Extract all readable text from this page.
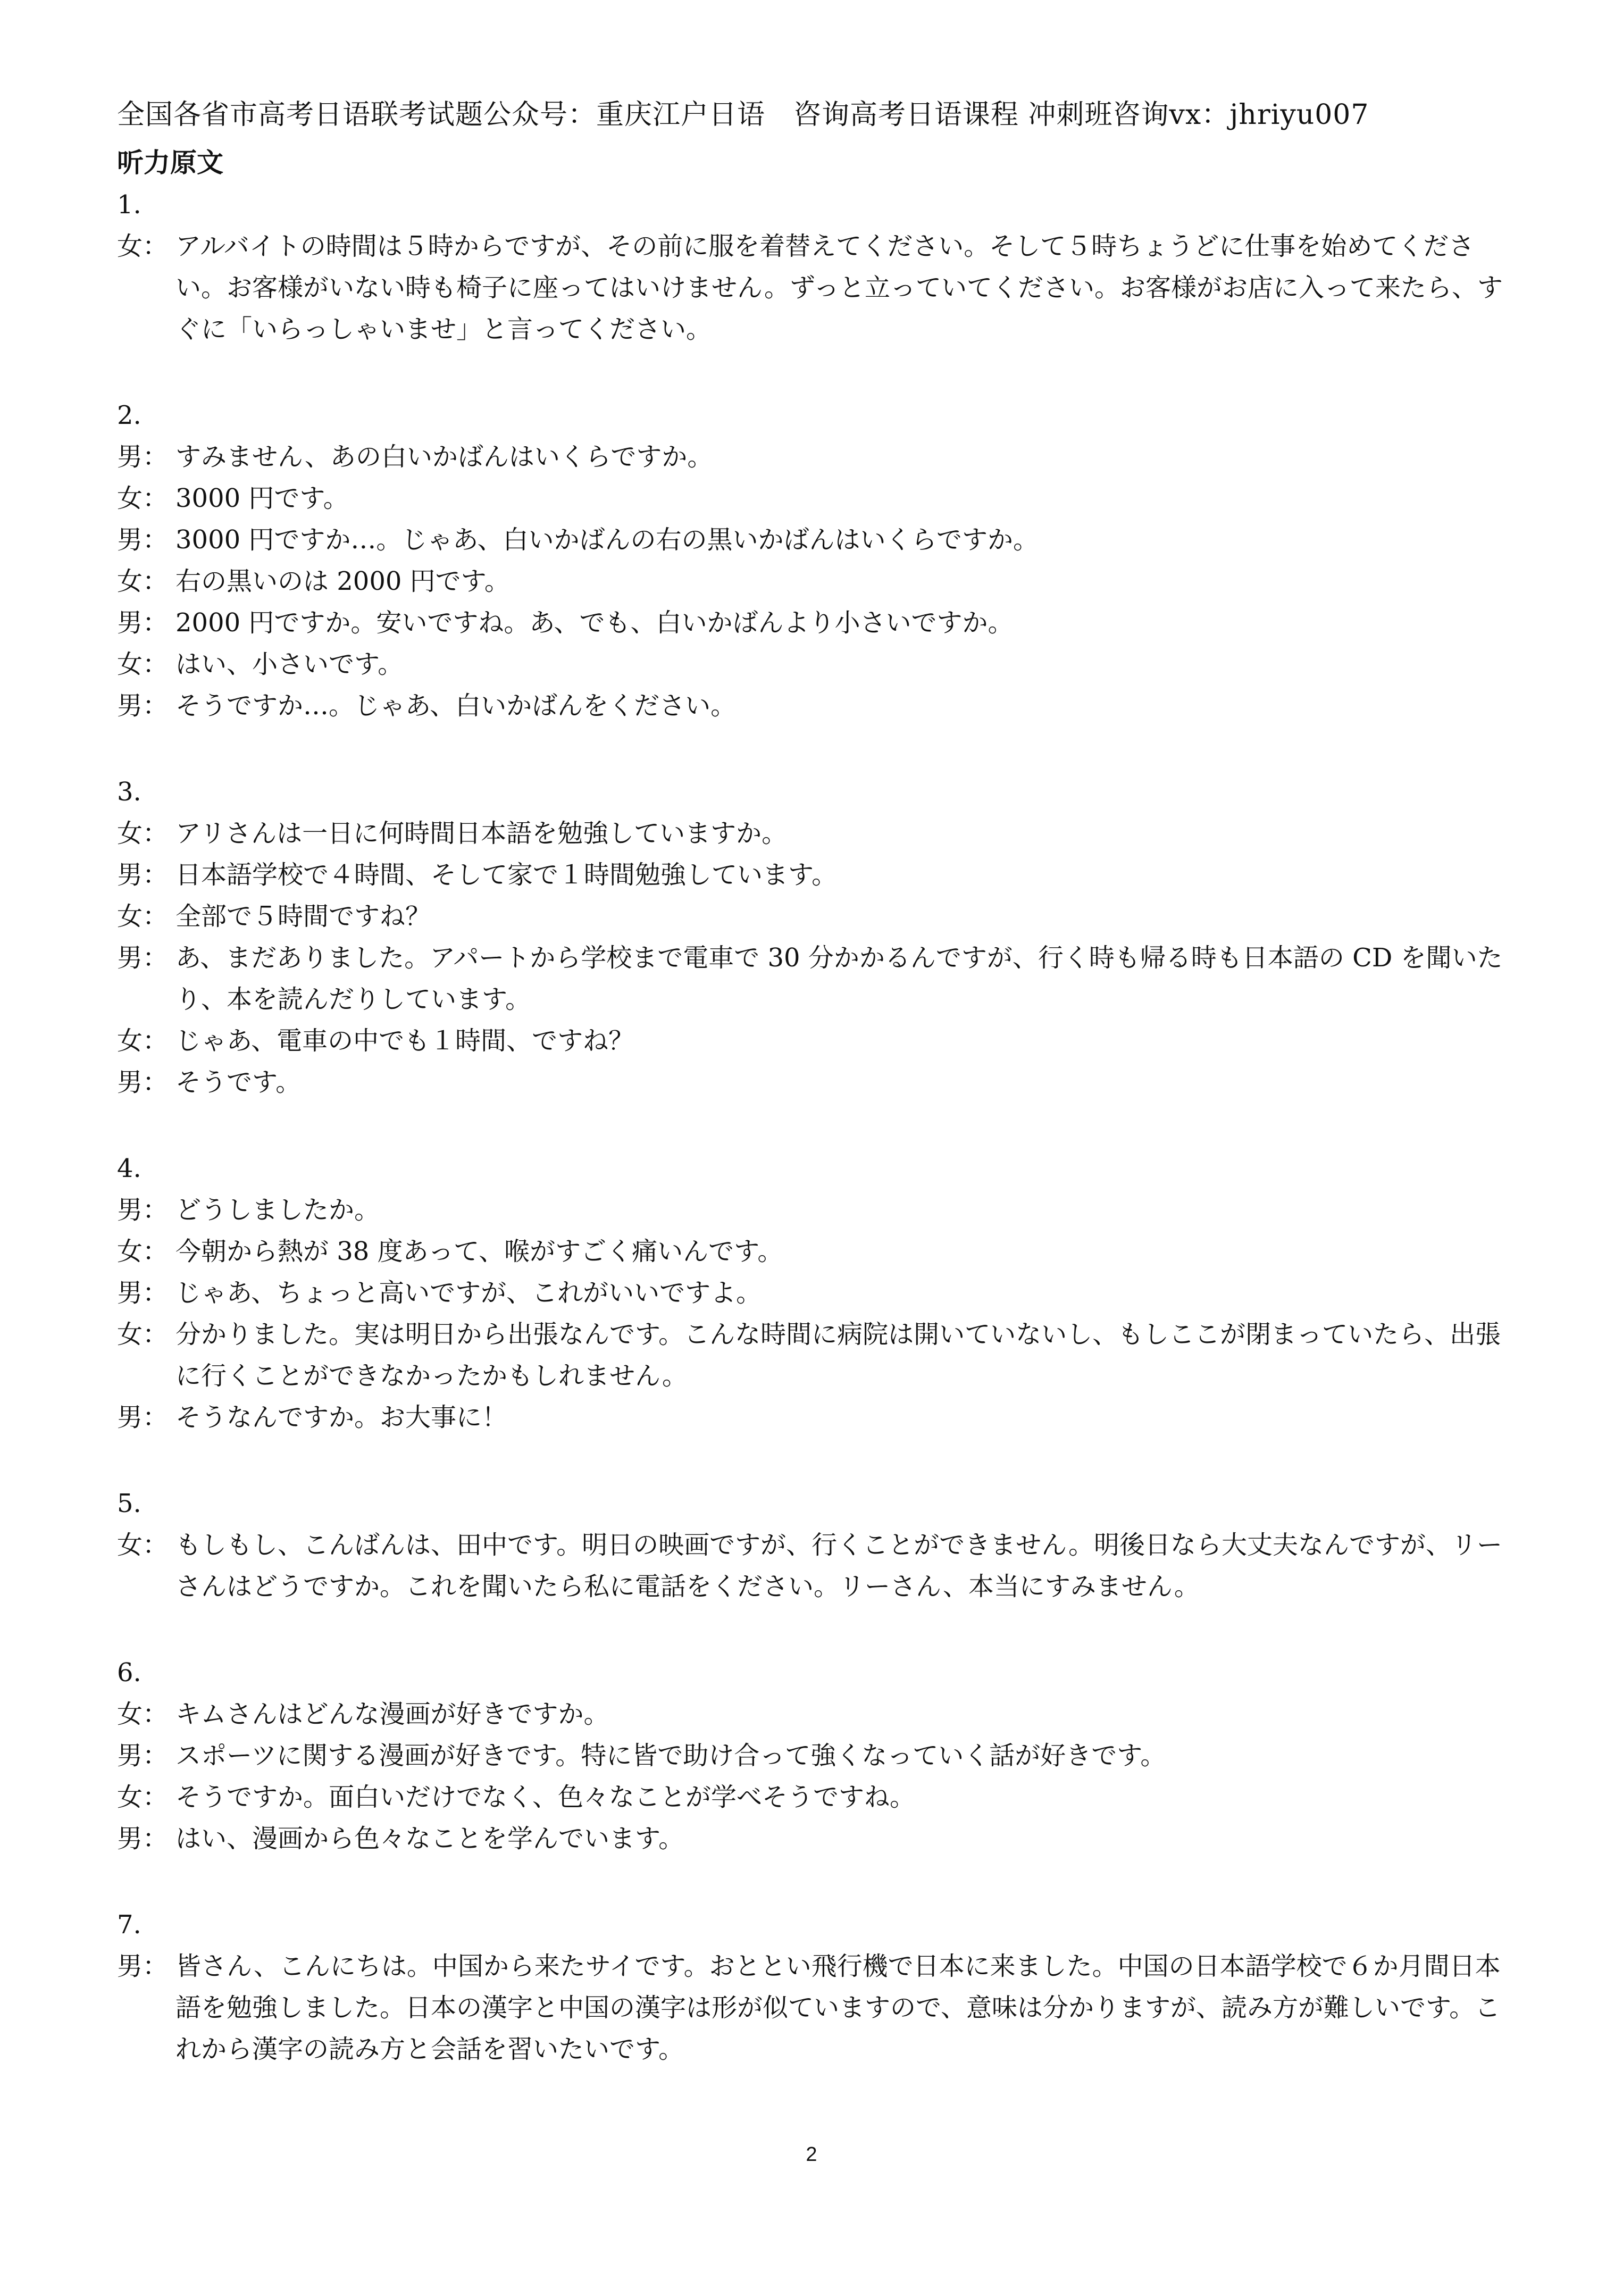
全国各省市高考日语联考试题公众号：重庆江户日语　咨询高考日语课程 冲刺班咨询vx：jhriyu007
听力原文
1.
女： アルバイトの時間は５時からですが、その前に服を着替えてください。そして５時ちょうどに仕事を始めてください。お客様がいない時も椅子に座ってはいけません。ずっと立っていてください。お客様がお店に入って来たら、すぐに「いらっしゃいませ」と言ってください。
2.
男： すみません、あの白いかばんはいくらですか。
女： 3000 円です。
男： 3000 円ですか…。じゃあ、白いかばんの右の黒いかばんはいくらですか。
女： 右の黒いのは 2000 円です。
男： 2000 円ですか。安いですね。あ、でも、白いかばんより小さいですか。
女： はい、小さいです。
男： そうですか…。じゃあ、白いかばんをください。
3.
女： アリさんは一日に何時間日本語を勉強していますか。
男： 日本語学校で４時間、そして家で１時間勉強しています。
女： 全部で５時間ですね？
男： あ、まだありました。アパートから学校まで電車で 30 分かかるんですが、行く時も帰る時も日本語の CD を聞いたり、本を読んだりしています。
女： じゃあ、電車の中でも１時間、ですね？
男： そうです。
4.
男： どうしましたか。
女： 今朝から熱が 38 度あって、喉がすごく痛いんです。
男： じゃあ、ちょっと高いですが、これがいいですよ。
女： 分かりました。実は明日から出張なんです。こんな時間に病院は開いていないし、もしここが閉まっていたら、出張に行くことができなかったかもしれません。
男： そうなんですか。お大事に！
5.
女： もしもし、こんばんは、田中です。明日の映画ですが、行くことができません。明後日なら大丈夫なんですが、リーさんはどうですか。これを聞いたら私に電話をください。リーさん、本当にすみません。
6.
女： キムさんはどんな漫画が好きですか。
男： スポーツに関する漫画が好きです。特に皆で助け合って強くなっていく話が好きです。
女： そうですか。面白いだけでなく、色々なことが学べそうですね。
男： はい、漫画から色々なことを学んでいます。
7.
男： 皆さん、こんにちは。中国から来たサイです。おととい飛行機で日本に来ました。中国の日本語学校で６か月間日本語を勉強しました。日本の漢字と中国の漢字は形が似ていますので、意味は分かりますが、読み方が難しいです。これから漢字の読み方と会話を習いたいです。
2
